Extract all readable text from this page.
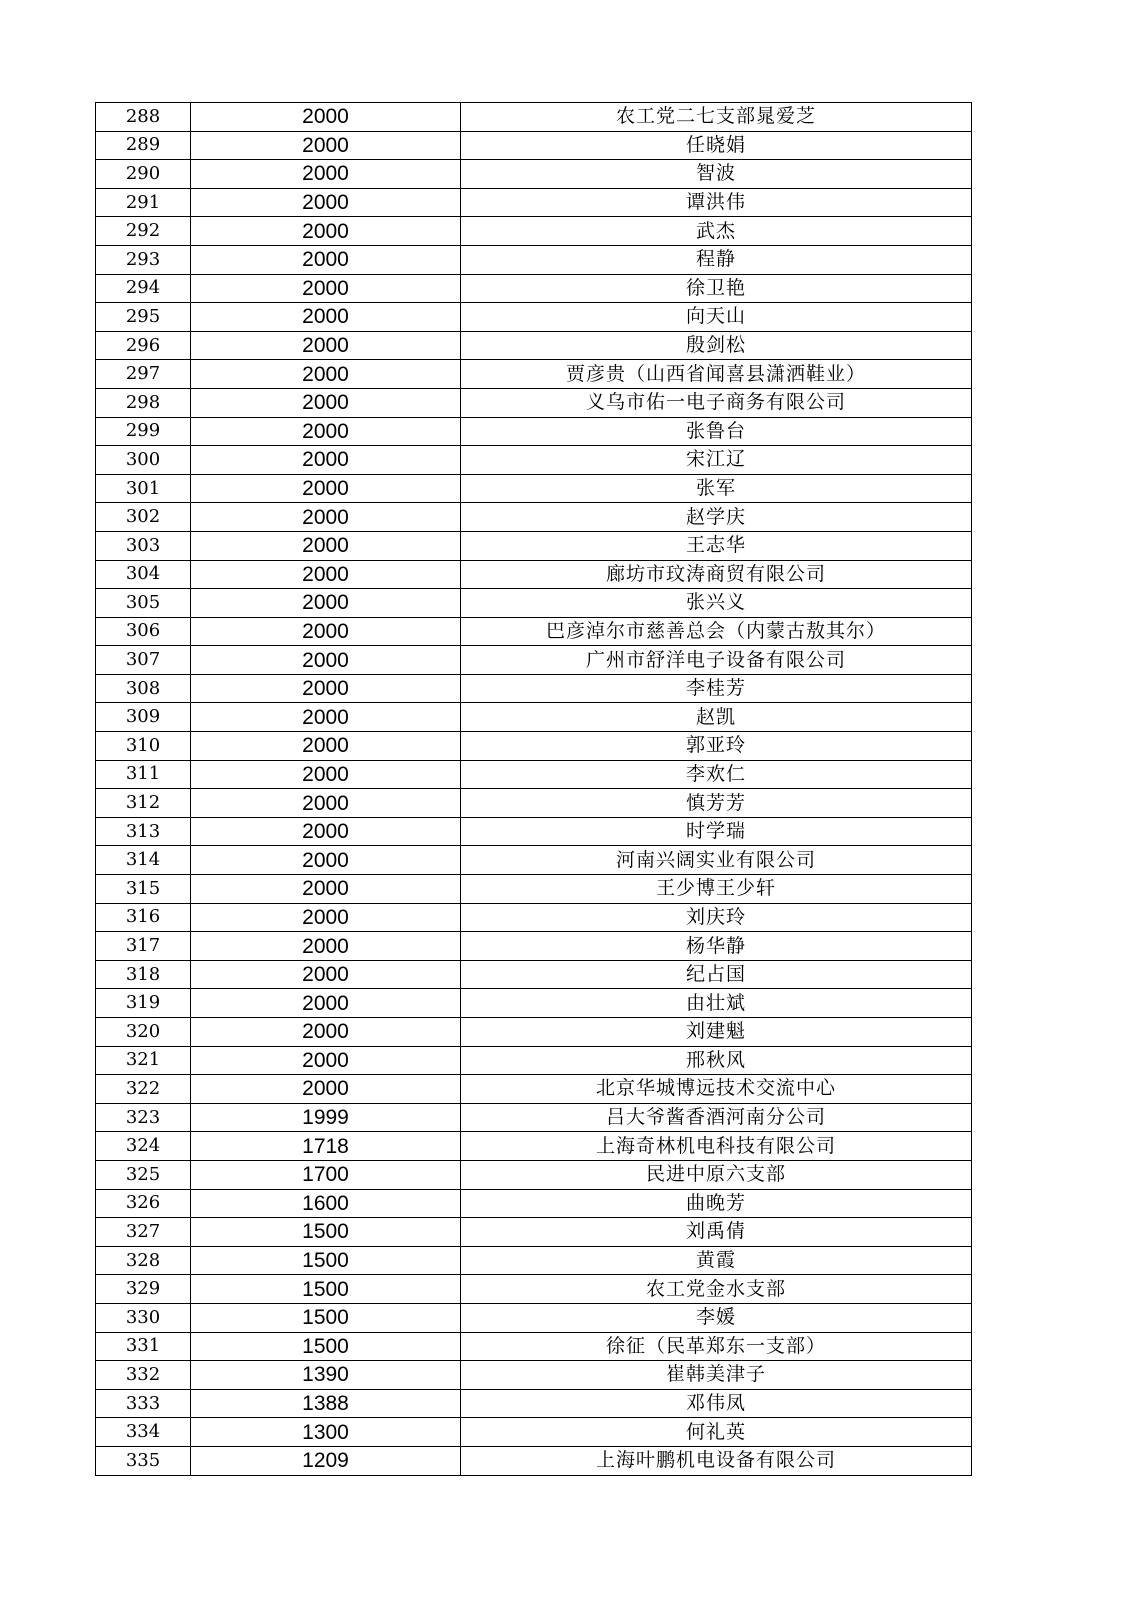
288	2000	农工党二七支部晁爱芝
289	2000	任晓娟
290	2000	智波
291	2000	谭洪伟
292	2000	武杰
293	2000	程静
294	2000	徐卫艳
295	2000	向天山
296	2000	殷剑松
297	2000	贾彦贵（山西省闻喜县潇洒鞋业）
298	2000	义乌市佑一电子商务有限公司
299	2000	张鲁台
300	2000	宋江辽
301	2000	张军
302	2000	赵学庆
303	2000	王志华
304	2000	廊坊市玟涛商贸有限公司
305	2000	张兴义
306	2000	巴彦淖尔市慈善总会（内蒙古敖其尔）
307	2000	广州市舒洋电子设备有限公司
308	2000	李桂芳
309	2000	赵凯
310	2000	郭亚玲
311	2000	李欢仁
312	2000	慎芳芳
313	2000	时学瑞
314	2000	河南兴阔实业有限公司
315	2000	王少博王少轩
316	2000	刘庆玲
317	2000	杨华静
318	2000	纪占国
319	2000	由壮斌
320	2000	刘建魁
321	2000	邢秋风
322	2000	北京华城博远技术交流中心
323	1999	吕大爷酱香酒河南分公司
324	1718	上海奇林机电科技有限公司
325	1700	民进中原六支部
326	1600	曲晚芳
327	1500	刘禹倩
328	1500	黄霞
329	1500	农工党金水支部
330	1500	李媛
331	1500	徐征（民革郑东一支部）
332	1390	崔韩美津子
333	1388	邓伟凤
334	1300	何礼英
335	1209	上海叶鹏机电设备有限公司
